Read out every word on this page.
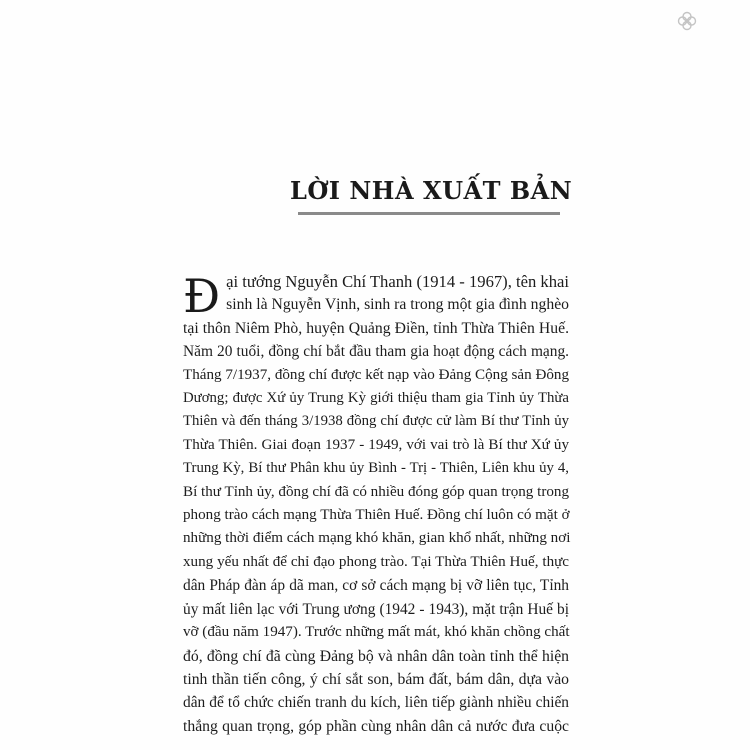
LỜI NHÀ XUẤT BẢN
Đ ại tướng Nguyễn Chí Thanh (1914 - 1967), tên khai
sinh là Nguyễn Vịnh, sinh ra trong một gia đình nghèo
tại thôn Niêm Phò, huyện Quảng Điền, tỉnh Thừa Thiên Huế.
Năm 20 tuổi, đồng chí bắt đầu tham gia hoạt động cách mạng.
Tháng 7/1937, đồng chí được kết nạp vào Đảng Cộng sản Đông
Dương; được Xứ ủy Trung Kỳ giới thiệu tham gia Tỉnh ủy Thừa
Thiên và đến tháng 3/1938 đồng chí được cử làm Bí thư Tỉnh ủy
Thừa Thiên. Giai đoạn 1937 - 1949, với vai trò là Bí thư Xứ ủy
Trung Kỳ, Bí thư Phân khu ủy Bình - Trị - Thiên, Liên khu ủy 4,
Bí thư Tỉnh ủy, đồng chí đã có nhiều đóng góp quan trọng trong
phong trào cách mạng Thừa Thiên Huế. Đồng chí luôn có mặt ở
những thời điểm cách mạng khó khăn, gian khổ nhất, những nơi
xung yếu nhất để chỉ đạo phong trào. Tại Thừa Thiên Huế, thực
dân Pháp đàn áp dã man, cơ sở cách mạng bị vỡ liên tục, Tỉnh
ủy mất liên lạc với Trung ương (1942 - 1943), mặt trận Huế bị
vỡ (đầu năm 1947). Trước những mất mát, khó khăn chồng chất
đó, đồng chí đã cùng Đảng bộ và nhân dân toàn tỉnh thể hiện
tinh thần tiến công, ý chí sắt son, bám đất, bám dân, dựa vào
dân để tổ chức chiến tranh du kích, liên tiếp giành nhiều chiến
thắng quan trọng, góp phần cùng nhân dân cả nước đưa cuộc
